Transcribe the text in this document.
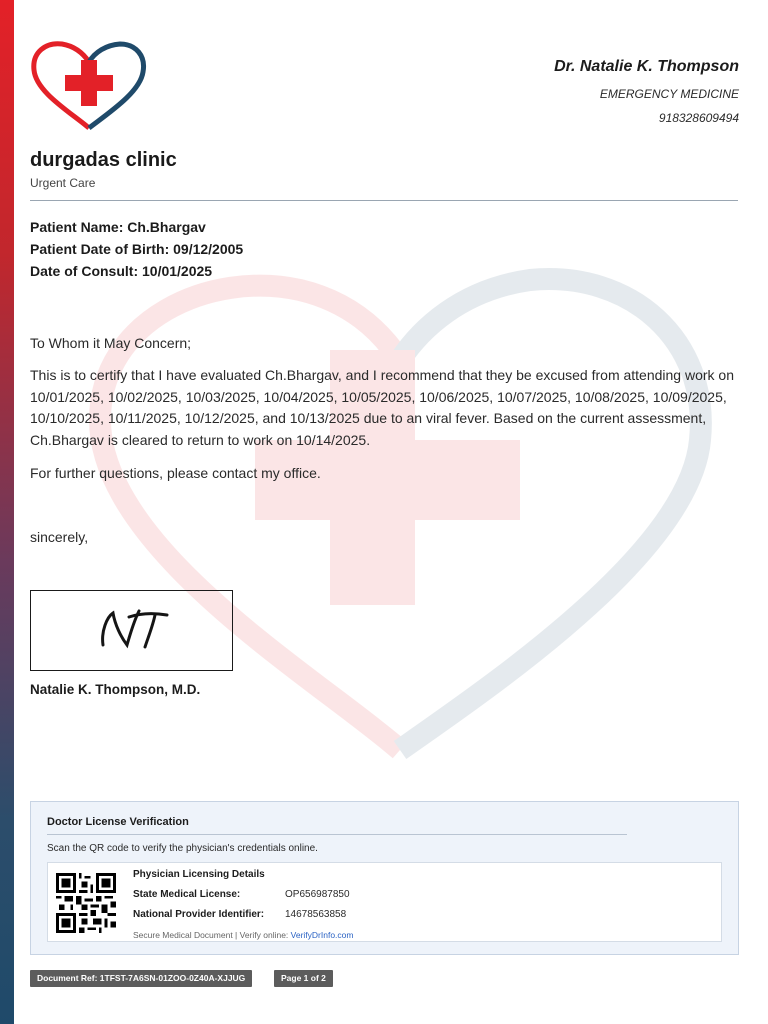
Dr. Natalie K. Thompson
EMERGENCY MEDICINE
918328609494
durgadas clinic
Urgent Care
Patient Name: Ch.Bhargav
Patient Date of Birth: 09/12/2005
Date of Consult: 10/01/2025
To Whom it May Concern;
This is to certify that I have evaluated Ch.Bhargav, and I recommend that they be excused from attending work on 10/01/2025, 10/02/2025, 10/03/2025, 10/04/2025, 10/05/2025, 10/06/2025, 10/07/2025, 10/08/2025, 10/09/2025, 10/10/2025, 10/11/2025, 10/12/2025, and 10/13/2025 due to an viral fever. Based on the current assessment, Ch.Bhargav is cleared to return to work on 10/14/2025.
For further questions, please contact my office.
sincerely,
Natalie K. Thompson, M.D.
Doctor License Verification
Scan the QR code to verify the physician's credentials online.
Physician Licensing Details
State Medical License:	OP656987850
National Provider Identifier: 14678563858
Secure Medical Document | Verify online: VerifyDrInfo.com
Document Ref: 1TFST-7A6SN-01ZOO-0Z40A-XJJUG	Page 1 of 2
